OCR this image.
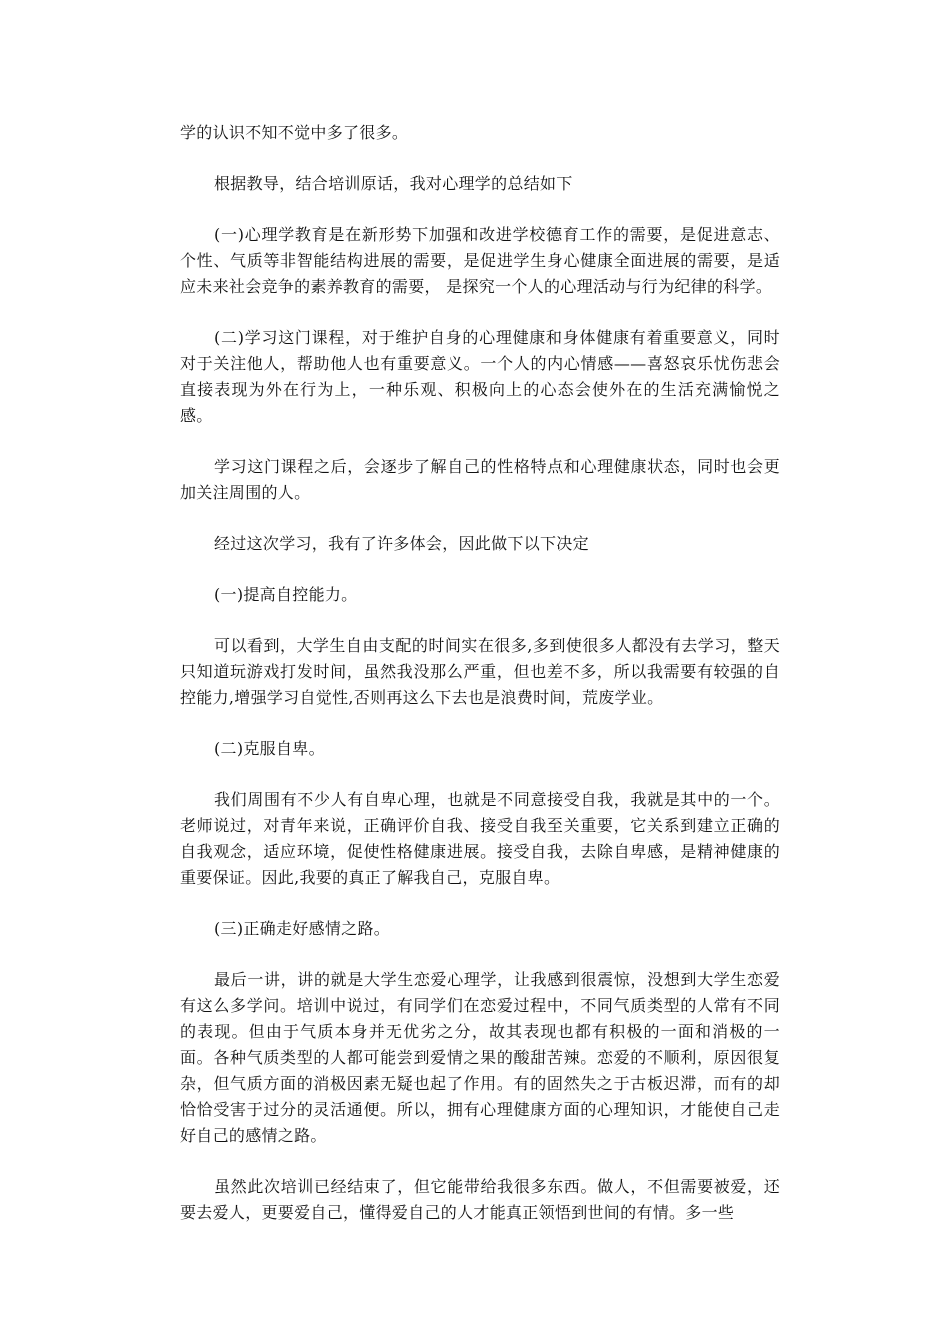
学的认识不知不觉中多了很多。

根据教导，结合培训原话，我对心理学的总结如下

(一)心理学教育是在新形势下加强和改进学校德育工作的需要，是促进意志、个性、气质等非智能结构进展的需要，是促进学生身心健康全面进展的需要，是适应未来社会竞争的素养教育的需要， 是探究一个人的心理活动与行为纪律的科学。

(二)学习这门课程，对于维护自身的心理健康和身体健康有着重要意义，同时对于关注他人，帮助他人也有重要意义。一个人的内心情感——喜怒哀乐忧伤悲会直接表现为外在行为上，一种乐观、积极向上的心态会使外在的生活充满愉悦之感。

学习这门课程之后，会逐步了解自己的性格特点和心理健康状态，同时也会更加关注周围的人。

经过这次学习，我有了许多体会，因此做下以下决定

(一)提高自控能力。

可以看到，大学生自由支配的时间实在很多,多到使很多人都没有去学习，整天只知道玩游戏打发时间，虽然我没那么严重，但也差不多，所以我需要有较强的自控能力,增强学习自觉性,否则再这么下去也是浪费时间，荒废学业。

(二)克服自卑。

我们周围有不少人有自卑心理，也就是不同意接受自我，我就是其中的一个。老师说过，对青年来说，正确评价自我、接受自我至关重要，它关系到建立正确的自我观念，适应环境，促使性格健康进展。接受自我，去除自卑感，是精神健康的重要保证。因此,我要的真正了解我自己，克服自卑。

(三)正确走好感情之路。

最后一讲，讲的就是大学生恋爱心理学，让我感到很震惊，没想到大学生恋爱有这么多学问。培训中说过，有同学们在恋爱过程中，不同气质类型的人常有不同的表现。但由于气质本身并无优劣之分，故其表现也都有积极的一面和消极的一面。各种气质类型的人都可能尝到爱情之果的酸甜苦辣。恋爱的不顺利，原因很复杂，但气质方面的消极因素无疑也起了作用。有的固然失之于古板迟滞，而有的却恰恰受害于过分的灵活通便。所以，拥有心理健康方面的心理知识，才能使自己走好自己的感情之路。

虽然此次培训已经结束了，但它能带给我很多东西。做人，不但需要被爱，还要去爱人，更要爱自己，懂得爱自己的人才能真正领悟到世间的有情。多一些
